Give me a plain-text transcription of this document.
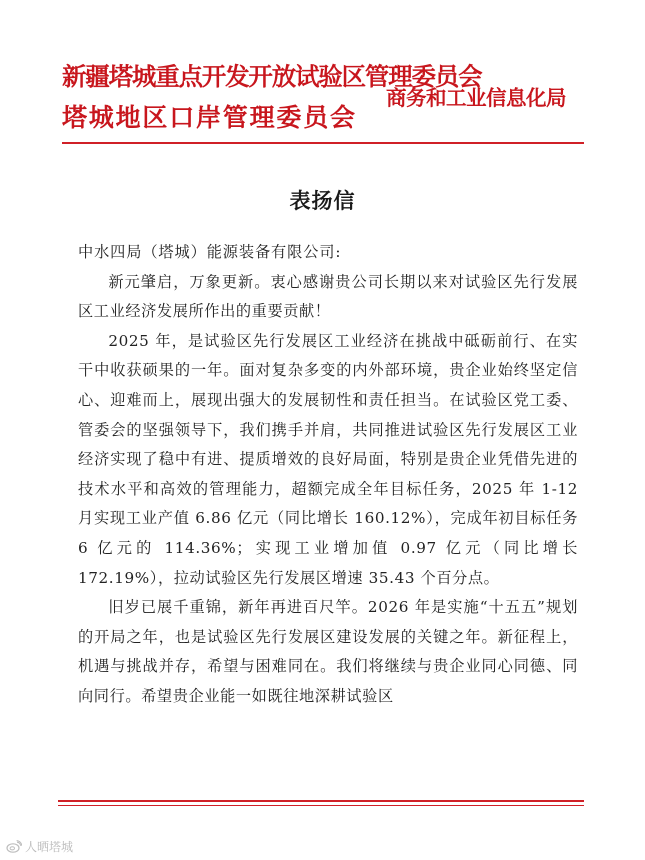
新疆塔城重点开发开放试验区管理委员会
塔城地区口岸管理委员会
商务和工业信息化局
表扬信

中水四局（塔城）能源装备有限公司:

新元肇启，万象更新。衷心感谢贵公司长期以来对试验区先行发展区工业经济发展所作出的重要贡献！

2025 年，是试验区先行发展区工业经济在挑战中砥砺前行、在实干中收获硕果的一年。面对复杂多变的内外部环境，贵企业始终坚定信心、迎难而上，展现出强大的发展韧性和责任担当。在试验区党工委、管委会的坚强领导下，我们携手并肩，共同推进试验区先行发展区工业经济实现了稳中有进、提质增效的良好局面，特别是贵企业凭借先进的技术水平和高效的管理能力，超额完成全年目标任务，2025 年 1-12 月实现工业产值 6.86 亿元（同比增长 160.12%），完成年初目标任务 6 亿元的 114.36%；实现工业增加值 0.97 亿元（同比增长 172.19%），拉动试验区先行发展区增速 35.43 个百分点。

旧岁已展千重锦，新年再进百尺竿。2026 年是实施“十五五”规划的开局之年，也是试验区先行发展区建设发展的关键之年。新征程上，机遇与挑战并存，希望与困难同在。我们将继续与贵企业同心同德、同向同行。希望贵企业能一如既往地深耕试验区

人晒塔城
